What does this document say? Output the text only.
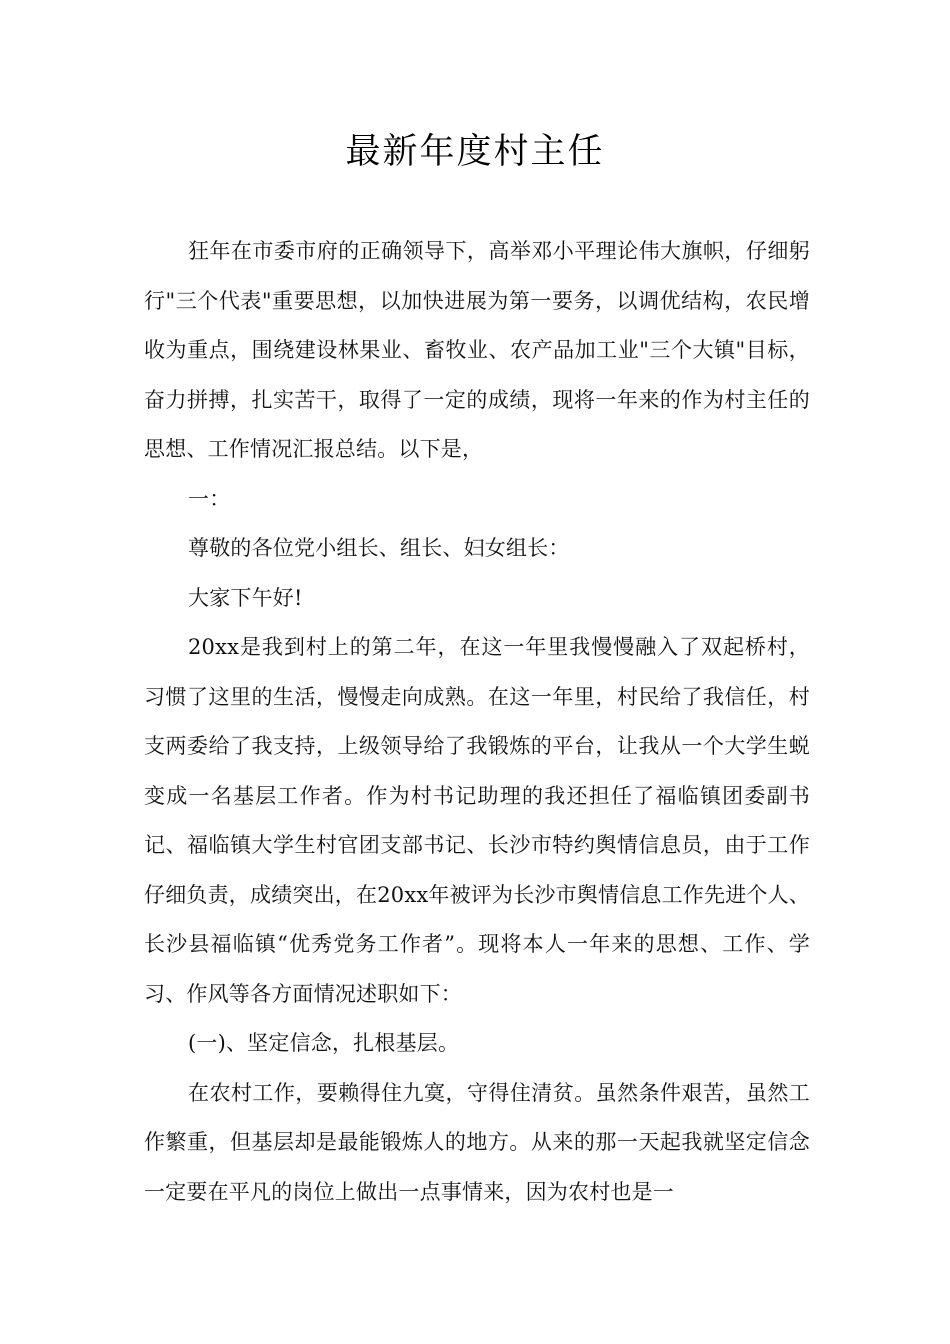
最新年度村主任

狂年在市委市府的正确领导下，高举邓小平理论伟大旗帜，仔细躬行"三个代表"重要思想，以加快进展为第一要务，以调优结构，农民增收为重点，围绕建设林果业、畜牧业、农产品加工业"三个大镇"目标，奋力拼搏，扎实苦干，取得了一定的成绩，现将一年来的作为村主任的思想、工作情况汇报总结。以下是，

一：

尊敬的各位党小组长、组长、妇女组长：

大家下午好!

20xx是我到村上的第二年，在这一年里我慢慢融入了双起桥村，习惯了这里的生活，慢慢走向成熟。在这一年里，村民给了我信任，村支两委给了我支持，上级领导给了我锻炼的平台，让我从一个大学生蜕变成一名基层工作者。作为村书记助理的我还担任了福临镇团委副书记、福临镇大学生村官团支部书记、长沙市特约舆情信息员，由于工作仔细负责，成绩突出，在20xx年被评为长沙市舆情信息工作先进个人、长沙县福临镇“优秀党务工作者”。现将本人一年来的思想、工作、学习、作风等各方面情况述职如下：

(一)、坚定信念，扎根基层。

在农村工作，要赖得住九寞，守得住清贫。虽然条件艰苦，虽然工作繁重，但基层却是最能锻炼人的地方。从来的那一天起我就坚定信念一定要在平凡的岗位上做出一点事情来，因为农村也是一
